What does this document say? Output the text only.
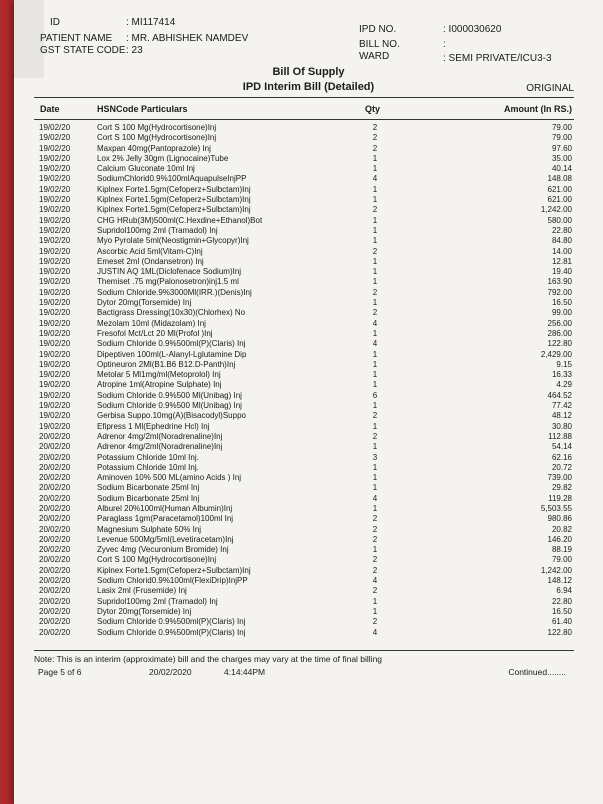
ID	: MI117414
PATIENT NAME : MR. ABHISHEK NAMDEV
GST STATE CODE : 23
IPD NO.	: I000030620
BILL NO.	:
WARD	: SEMI PRIVATE/ICU3-3
Bill Of Supply
IPD Interim Bill (Detailed)	ORIGINAL
Date	HSNCode Particulars	Qty	Amount (In RS.)
19/02/20	Cort S 100 Mg(Hydrocortisone)Inj	2	79.00
19/02/20	Cort S 100 Mg(Hydrocortisone)Inj	2	79.00
19/02/20	Maxpan 40mg(Pantoprazole) Inj	2	97.60
19/02/20	Lox 2% Jelly 30gm (Lignocaine)Tube	1	35.00
19/02/20	Calcium Gluconate 10ml Inj	1	40.14
19/02/20	SodiumChlorid0.9%100mlAquapulseInjPP	4	148.08
19/02/20	Kiplnex Forte1.5gm(Cefoperz+Sulbctam)Inj	1	621.00
19/02/20	Kiplnex Forte1.5gm(Cefoperz+Sulbctam)Inj	1	621.00
19/02/20	Kiplnex Forte1.5gm(Cefoperz+Sulbctam)Inj	2	1,242.00
19/02/20	CHG HRub(3M)500ml(C.Hexdine+Ethanol)Bot	1	580.00
19/02/20	Supridol100mg 2ml (Tramadol) Inj	1	22.80
19/02/20	Myo Pyrolate 5ml(Neostigmin+Glycopyr)Inj	1	84.80
19/02/20	Ascorbic Acid 5ml(Vitam-C)Inj	2	14.00
19/02/20	Emeset 2ml (Ondansetron) Inj	1	12.81
19/02/20	JUSTIN AQ 1ML(Diclofenace Sodium)Inj	1	19.40
19/02/20	Themiset .75 mg(Palonosetron)inj1.5 ml	1	163.90
19/02/20	Sodium Chloride.9%3000Ml(IRR.)(Denis)Inj	2	792.00
19/02/20	Dytor 20mg(Torsemide) Inj	1	16.50
19/02/20	Bactigrass Dressing(10x30)(Chlorhex) No	2	99.00
19/02/20	Mezolam 10ml (Midazolam) Inj	4	256.00
19/02/20	Fresofol Mct/Lct 20 Ml(Profol )Inj	1	286.00
19/02/20	Sodium Chloride 0.9%500ml(P)(Claris) Inj	4	122.80
19/02/20	Dipeptiven 100ml(L-Alanyl-Lglutamine Dip	1	2,429.00
19/02/20	Optineuron 2Ml(B1.B6 B12.D-Panth)Inj	1	9.15
19/02/20	Metolar 5 Ml1mg/ml(Metoprolol) Inj	1	16.33
19/02/20	Atropine 1ml(Atropine Sulphate) Inj	1	4.29
19/02/20	Sodium Chloride 0.9%500 Ml(Unibag) Inj	6	464.52
19/02/20	Sodium Chloride 0.9%500 Ml(Unibag) Inj	1	77.42
19/02/20	Gerbisa Suppo.10mg(A)(Bisacodyl)Suppo	2	48.12
19/02/20	Efipress 1 Ml(Ephedrine Hcl) Inj	1	30.80
20/02/20	Adrenor 4mg/2ml(Noradrenaline)Inj	2	112.88
20/02/20	Adrenor 4mg/2ml(Noradrenaline)Inj	1	54.14
20/02/20	Potassium Chloride 10ml Inj.	3	62.16
20/02/20	Potassium Chloride 10ml Inj.	1	20.72
20/02/20	Aminoven 10% 500 ML(amino Acids ) Inj	1	739.00
20/02/20	Sodium Bicarbonate 25ml Inj	1	29.82
20/02/20	Sodium Bicarbonate 25ml Inj	4	119.28
20/02/20	Alburel 20%100ml(Human Albumin)Inj	1	5,503.55
20/02/20	Paraglass 1gm(Paracetamol)100ml Inj	2	980.86
20/02/20	Magnesium Sulphate 50% Inj	2	20.82
20/02/20	Levenue 500Mg/5ml(Levetiracetam)Inj	2	146.20
20/02/20	Zyvec 4mg (Vecuronium Bromide) Inj	1	88.19
20/02/20	Cort S 100 Mg(Hydrocortisone)Inj	2	79.00
20/02/20	Kiplnex Forte1.5gm(Cefoperz+Sulbctam)Inj	2	1,242.00
20/02/20	Sodium Chlorid0.9%100ml(FlexiDrip)InjPP	4	148.12
20/02/20	Lasix 2ml (Frusemide) Inj	2	6.94
20/02/20	Supridol100mg 2ml (Tramadol) Inj	1	22.80
20/02/20	Dytor 20mg(Torsemide) Inj	1	16.50
20/02/20	Sodium Chloride 0.9%500ml(P)(Claris) Inj	2	61.40
20/02/20	Sodium Chloride 0.9%500ml(P)(Claris) Inj	4	122.80
Note: This is an interim (approximate) bill and the charges may vary at the time of final billing
Page 5 of 6	20/02/2020	4:14:44PM	Continued........
